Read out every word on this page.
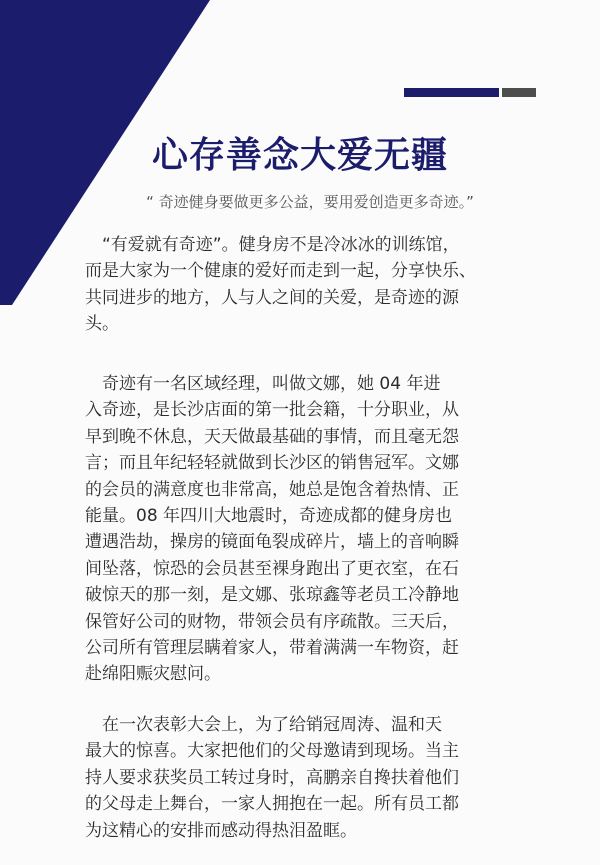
心存善念大爱无疆

“ 奇迹健身要做更多公益，要用爱创造更多奇迹。”

　“有爱就有奇迹”。健身房不是冷冰冰的训练馆，
而是大家为一个健康的爱好而走到一起，分享快乐、
共同进步的地方，人与人之间的关爱，是奇迹的源
头。
　奇迹有一名区域经理，叫做文娜，她 04 年进
入奇迹，是长沙店面的第一批会籍，十分职业，从
早到晚不休息，天天做最基础的事情，而且毫无怨
言；而且年纪轻轻就做到长沙区的销售冠军。文娜
的会员的满意度也非常高，她总是饱含着热情、正
能量。08 年四川大地震时，奇迹成都的健身房也
遭遇浩劫，操房的镜面龟裂成碎片，墙上的音响瞬
间坠落，惊恐的会员甚至裸身跑出了更衣室，在石
破惊天的那一刻，是文娜、张琼鑫等老员工冷静地
保管好公司的财物，带领会员有序疏散。三天后，
公司所有管理层瞒着家人，带着满满一车物资，赶
赴绵阳赈灾慰问。
　在一次表彰大会上，为了给销冠周涛、温和天
最大的惊喜。大家把他们的父母邀请到现场。当主
持人要求获奖员工转过身时，高鹏亲自搀扶着他们
的父母走上舞台，一家人拥抱在一起。所有员工都
为这精心的安排而感动得热泪盈眶。
